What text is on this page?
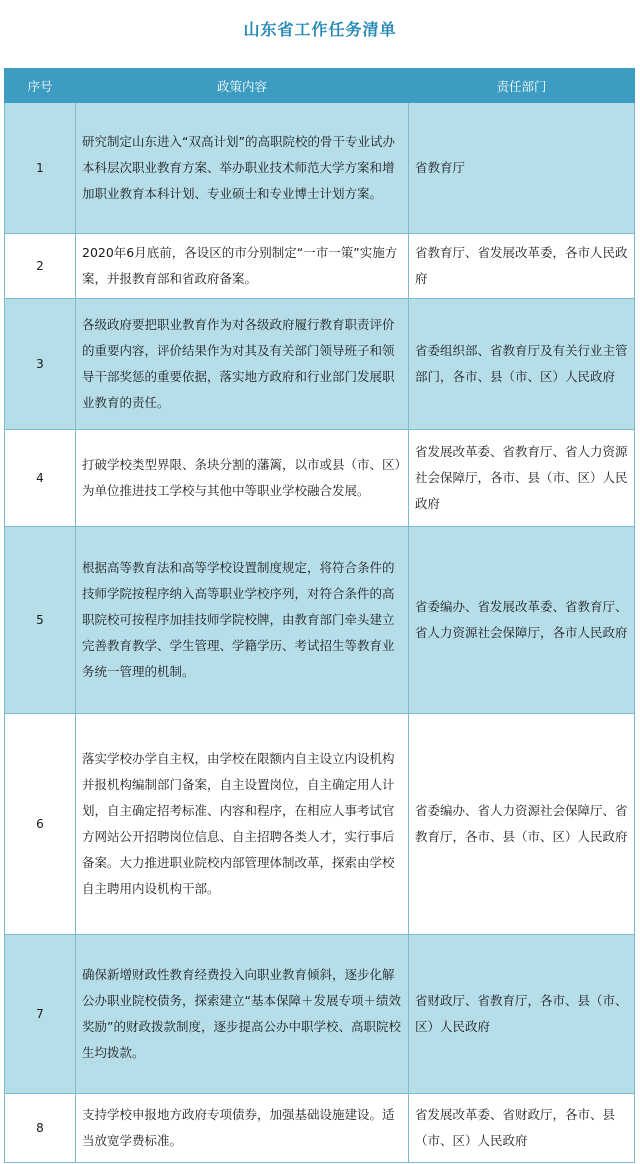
山东省工作任务清单
序号	政策内容	责任部门
1	研究制定山东进入“双高计划”的高职院校的骨干专业试办本科层次职业教育方案、举办职业技术师范大学方案和增加职业教育本科计划、专业硕士和专业博士计划方案。	省教育厅
2	2020年6月底前，各设区的市分别制定“一市一策”实施方案，并报教育部和省政府备案。	省教育厅、省发展改革委，各市人民政府
3	各级政府要把职业教育作为对各级政府履行教育职责评价的重要内容，评价结果作为对其及有关部门领导班子和领导干部奖惩的重要依据，落实地方政府和行业部门发展职业教育的责任。	省委组织部、省教育厅及有关行业主管部门，各市、县（市、区）人民政府
4	打破学校类型界限、条块分割的藩篱，以市或县（市、区）为单位推进技工学校与其他中等职业学校融合发展。	省发展改革委、省教育厅、省人力资源社会保障厅，各市、县（市、区）人民政府
5	根据高等教育法和高等学校设置制度规定，将符合条件的技师学院按程序纳入高等职业学校序列，对符合条件的高职院校可按程序加挂技师学院校牌，由教育部门牵头建立完善教育教学、学生管理、学籍学历、考试招生等教育业务统一管理的机制。	省委编办、省发展改革委、省教育厅、省人力资源社会保障厅，各市人民政府
6	落实学校办学自主权，由学校在限额内自主设立内设机构并报机构编制部门备案，自主设置岗位，自主确定用人计划，自主确定招考标准、内容和程序，在相应人事考试官方网站公开招聘岗位信息、自主招聘各类人才，实行事后备案。大力推进职业院校内部管理体制改革，探索由学校自主聘用内设机构干部。	省委编办、省人力资源社会保障厅、省教育厅，各市、县（市、区）人民政府
7	确保新增财政性教育经费投入向职业教育倾斜，逐步化解公办职业院校债务，探索建立“基本保障＋发展专项＋绩效奖励”的财政拨款制度，逐步提高公办中职学校、高职院校生均拨款。	省财政厅、省教育厅，各市、县（市、区）人民政府
8	支持学校申报地方政府专项债券，加强基础设施建设。适当放宽学费标准。	省发展改革委、省财政厅，各市、县（市、区）人民政府
